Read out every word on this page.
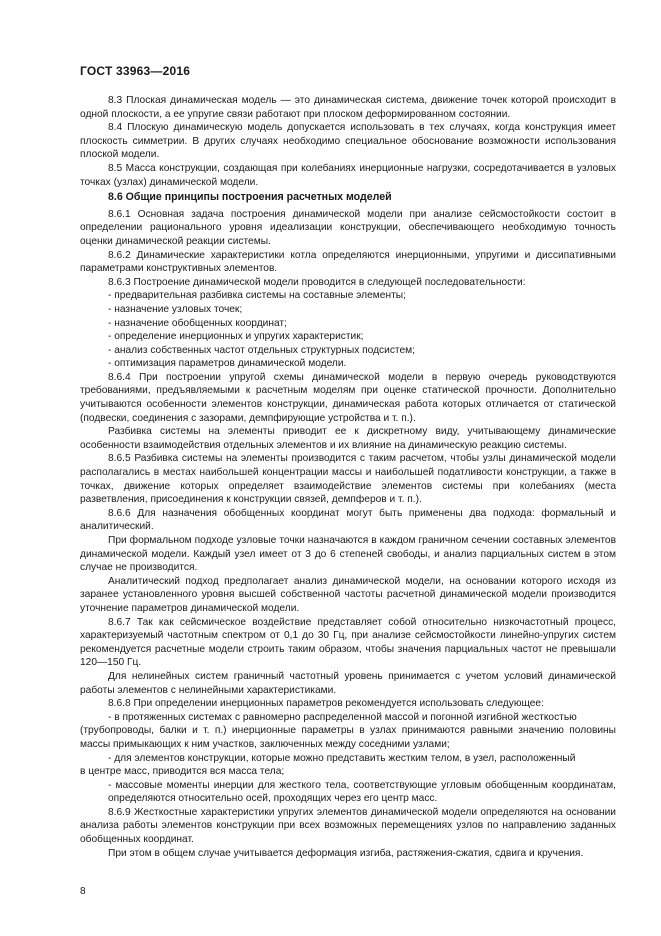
ГОСТ 33963—2016

8.3 Плоская динамическая модель — это динамическая система, движение точек которой происходит в одной плоскости, а ее упругие связи работают при плоском деформированном состоянии.

8.4 Плоскую динамическую модель допускается использовать в тех случаях, когда конструкция имеет плоскость симметрии. В других случаях необходимо специальное обоснование возможности использования плоской модели.

8.5 Масса конструкции, создающая при колебаниях инерционные нагрузки, сосредотачивается в узловых точках (узлах) динамической модели.

8.6 Общие принципы построения расчетных моделей

8.6.1 Основная задача построения динамической модели при анализе сейсмостойкости состоит в определении рационального уровня идеализации конструкции, обеспечивающего необходимую точность оценки динамической реакции системы.

8.6.2 Динамические характеристики котла определяются инерционными, упругими и диссипативными параметрами конструктивных элементов.

8.6.3 Построение динамической модели проводится в следующей последовательности:

- предварительная разбивка системы на составные элементы;

- назначение узловых точек;

- назначение обобщенных координат;

- определение инерционных и упругих характеристик;

- анализ собственных частот отдельных структурных подсистем;

- оптимизация параметров динамической модели.

8.6.4 При построении упругой схемы динамической модели в первую очередь руководствуются требованиями, предъявляемыми к расчетным моделям при оценке статической прочности. Дополнительно учитываются особенности элементов конструкции, динамическая работа которых отличается от статической (подвески, соединения с зазорами, демпфирующие устройства и т. п.).

Разбивка системы на элементы приводит ее к дискретному виду, учитывающему динамические особенности взаимодействия отдельных элементов и их влияние на динамическую реакцию системы.

8.6.5 Разбивка системы на элементы производится с таким расчетом, чтобы узлы динамической модели располагались в местах наибольшей концентрации массы и наибольшей податливости конструкции, а также в точках, движение которых определяет взаимодействие элементов системы при колебаниях (места разветвления, присоединения к конструкции связей, демпферов и т. п.).

8.6.6 Для назначения обобщенных координат могут быть применены два подхода: формальный и аналитический.

При формальном подходе узловые точки назначаются в каждом граничном сечении составных элементов динамической модели. Каждый узел имеет от 3 до 6 степеней свободы, и анализ парциальных систем в этом случае не производится.

Аналитический подход предполагает анализ динамической модели, на основании которого исходя из заранее установленного уровня высшей собственной частоты расчетной динамической модели производится уточнение параметров динамической модели.

8.6.7 Так как сейсмическое воздействие представляет собой относительно низкочастотный процесс, характеризуемый частотным спектром от 0,1 до 30 Гц, при анализе сейсмостойкости линейно-упругих систем рекомендуется расчетные модели строить таким образом, чтобы значения парциальных частот не превышали 120—150 Гц.

Для нелинейных систем граничный частотный уровень принимается с учетом условий динамической работы элементов с нелинейными характеристиками.

8.6.8 При определении инерционных параметров рекомендуется использовать следующее:

- в протяженных системах с равномерно распределенной массой и погонной изгибной жесткостью

(трубопроводы, балки и т. п.) инерционные параметры в узлах принимаются равными значению половины массы примыкающих к ним участков, заключенных между соседними узлами;

- для элементов конструкции, которые можно представить жестким телом, в узел, расположенный

в центре масс, приводится вся масса тела;

- массовые моменты инерции для жесткого тела, соответствующие угловым обобщенным координатам, определяются относительно осей, проходящих через его центр масс.

8.6.9 Жесткостные характеристики упругих элементов динамической модели определяются на основании анализа работы элементов конструкции при всех возможных перемещениях узлов по направлению заданных обобщенных координат.

При этом в общем случае учитывается деформация изгиба, растяжения-сжатия, сдвига и кручения.

8
